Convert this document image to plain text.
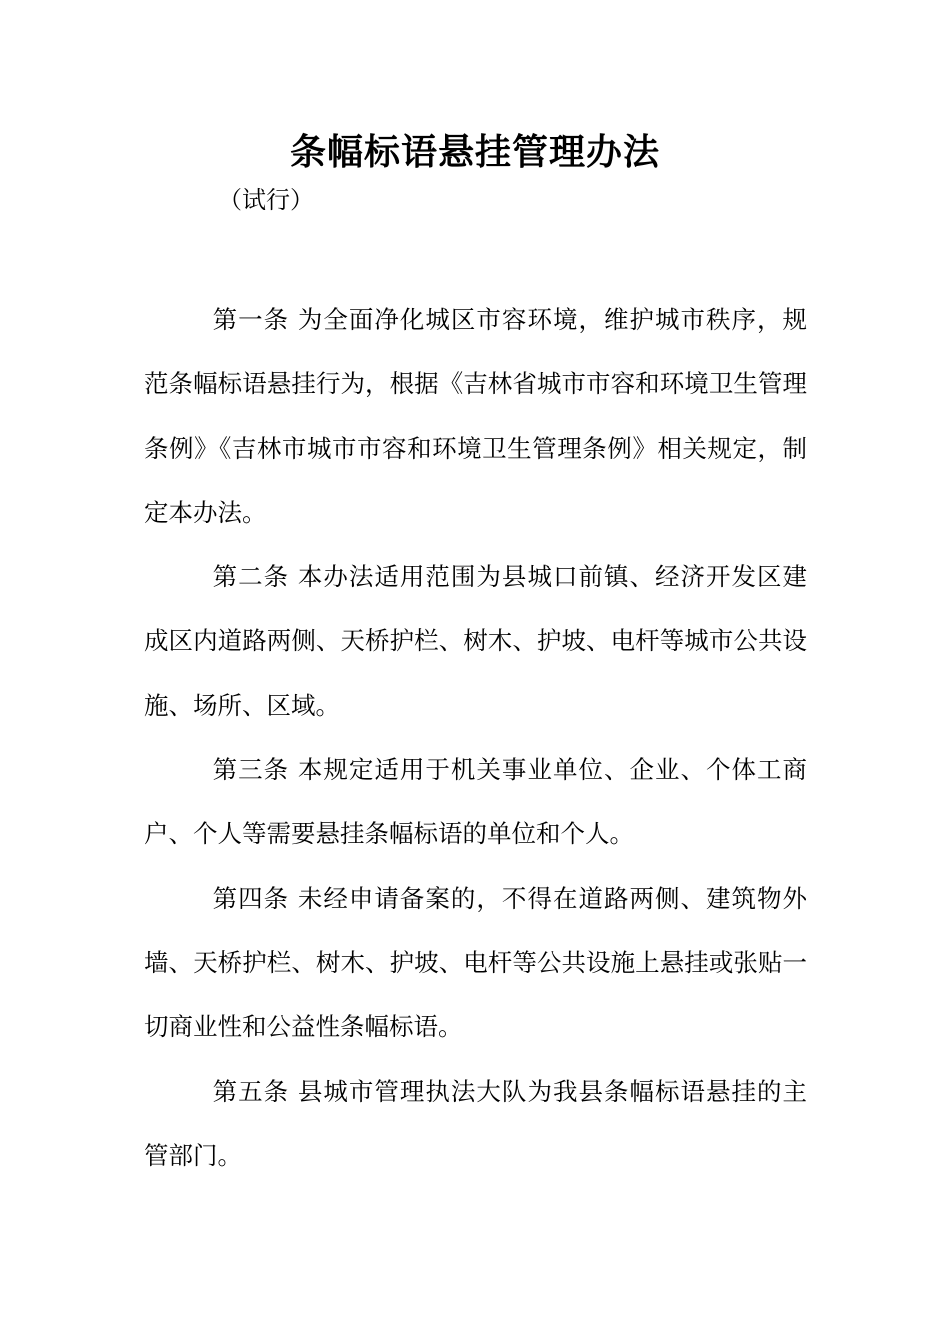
条幅标语悬挂管理办法
（试行）

第一条 为全面净化城区市容环境，维护城市秩序，规范条幅标语悬挂行为，根据《吉林省城市市容和环境卫生管理条例》《吉林市城市市容和环境卫生管理条例》相关规定，制定本办法。

第二条 本办法适用范围为县城口前镇、经济开发区建成区内道路两侧、天桥护栏、树木、护坡、电杆等城市公共设施、场所、区域。

第三条 本规定适用于机关事业单位、企业、个体工商户、个人等需要悬挂条幅标语的单位和个人。

第四条 未经申请备案的，不得在道路两侧、建筑物外墙、天桥护栏、树木、护坡、电杆等公共设施上悬挂或张贴一切商业性和公益性条幅标语。

第五条 县城市管理执法大队为我县条幅标语悬挂的主管部门。
